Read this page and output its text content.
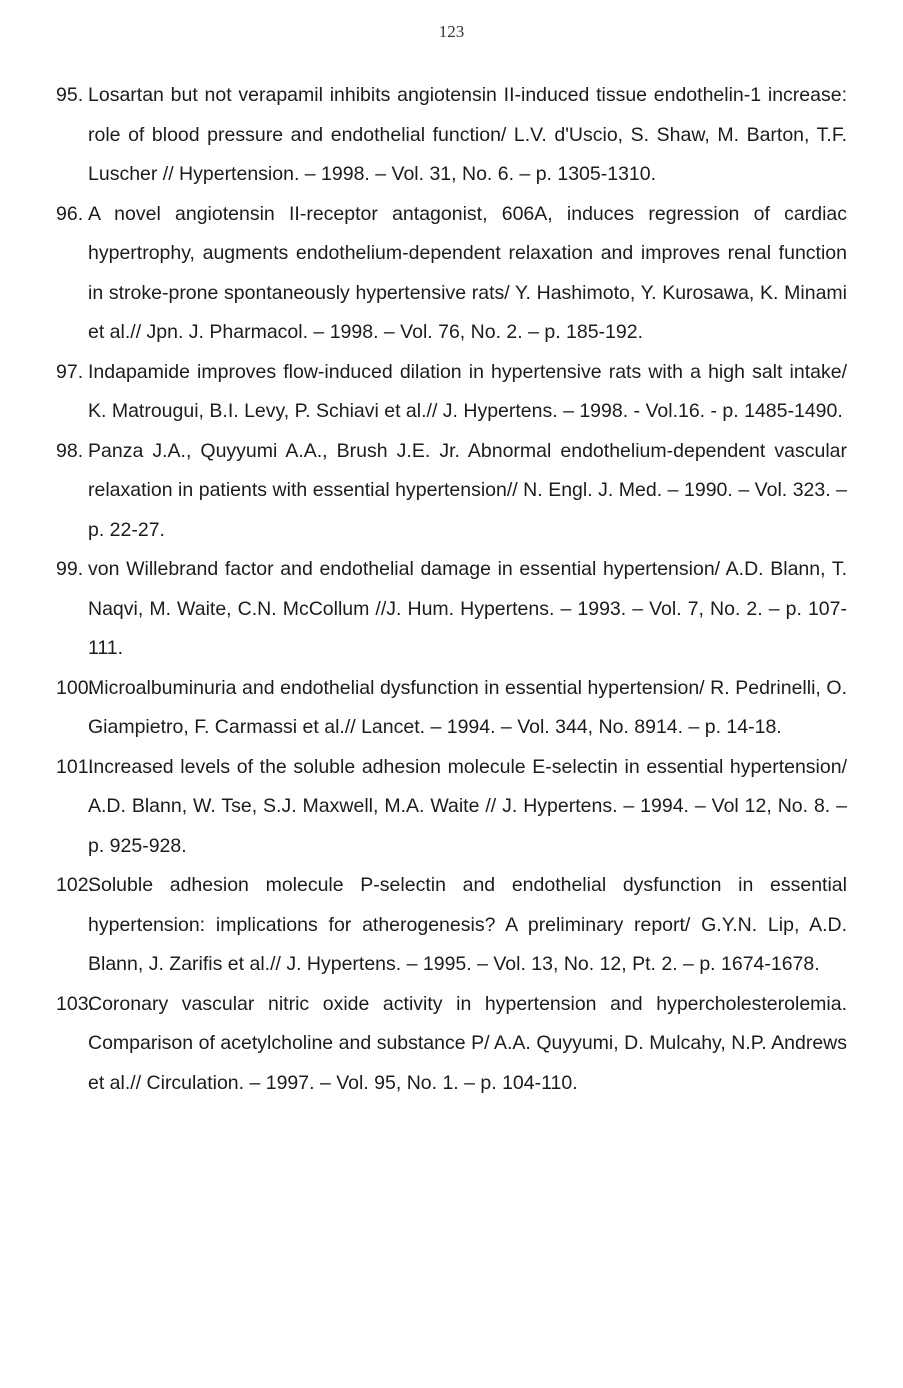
123
95. Losartan but not verapamil inhibits angiotensin II-induced tissue endothelin-1 increase: role of blood pressure and endothelial function/ L.V. d'Uscio, S. Shaw, M. Barton, T.F. Luscher // Hypertension. – 1998. – Vol. 31, No. 6. – p. 1305-1310.
96. A novel angiotensin II-receptor antagonist, 606A, induces regression of cardiac hypertrophy, augments endothelium-dependent relaxation and improves renal function in stroke-prone spontaneously hypertensive rats/ Y. Hashimoto, Y. Kurosawa, K. Minami et al.// Jpn. J. Pharmacol. – 1998. – Vol. 76, No. 2. – p. 185-192.
97. Indapamide improves flow-induced dilation in hypertensive rats with a high salt intake/ K. Matrougui, B.I. Levy, P. Schiavi et al.// J. Hypertens. – 1998. - Vol.16. - p. 1485-1490.
98. Panza J.A., Quyyumi A.A., Brush J.E. Jr. Abnormal endothelium-dependent vascular relaxation in patients with essential hypertension// N. Engl. J. Med. – 1990. – Vol. 323. – p. 22-27.
99. von Willebrand factor and endothelial damage in essential hypertension/ A.D. Blann, T. Naqvi, M. Waite, C.N. McCollum //J. Hum. Hypertens. – 1993. – Vol. 7, No. 2. – p. 107-111.
100.
Microalbuminuria and endothelial dysfunction in essential hypertension/ R. Pedrinelli, O. Giampietro, F. Carmassi et al.// Lancet. – 1994. – Vol. 344, No. 8914. – p. 14-18.
101.
Increased levels of the soluble adhesion molecule E-selectin in essential hypertension/ A.D. Blann, W. Tse, S.J. Maxwell, M.A. Waite // J. Hypertens. – 1994. – Vol 12, No. 8. – p. 925-928.
102.
Soluble adhesion molecule P-selectin and endothelial dysfunction in essential hypertension: implications for atherogenesis? A preliminary report/ G.Y.N. Lip, A.D. Blann, J. Zarifis et al.// J. Hypertens. – 1995. – Vol. 13, No. 12, Pt. 2. – p. 1674-1678.
103.
Coronary vascular nitric oxide activity in hypertension and hypercholesterolemia. Comparison of acetylcholine and substance P/ A.A. Quyyumi, D. Mulcahy, N.P. Andrews et al.// Circulation. – 1997. – Vol. 95, No. 1. – p. 104-110.
